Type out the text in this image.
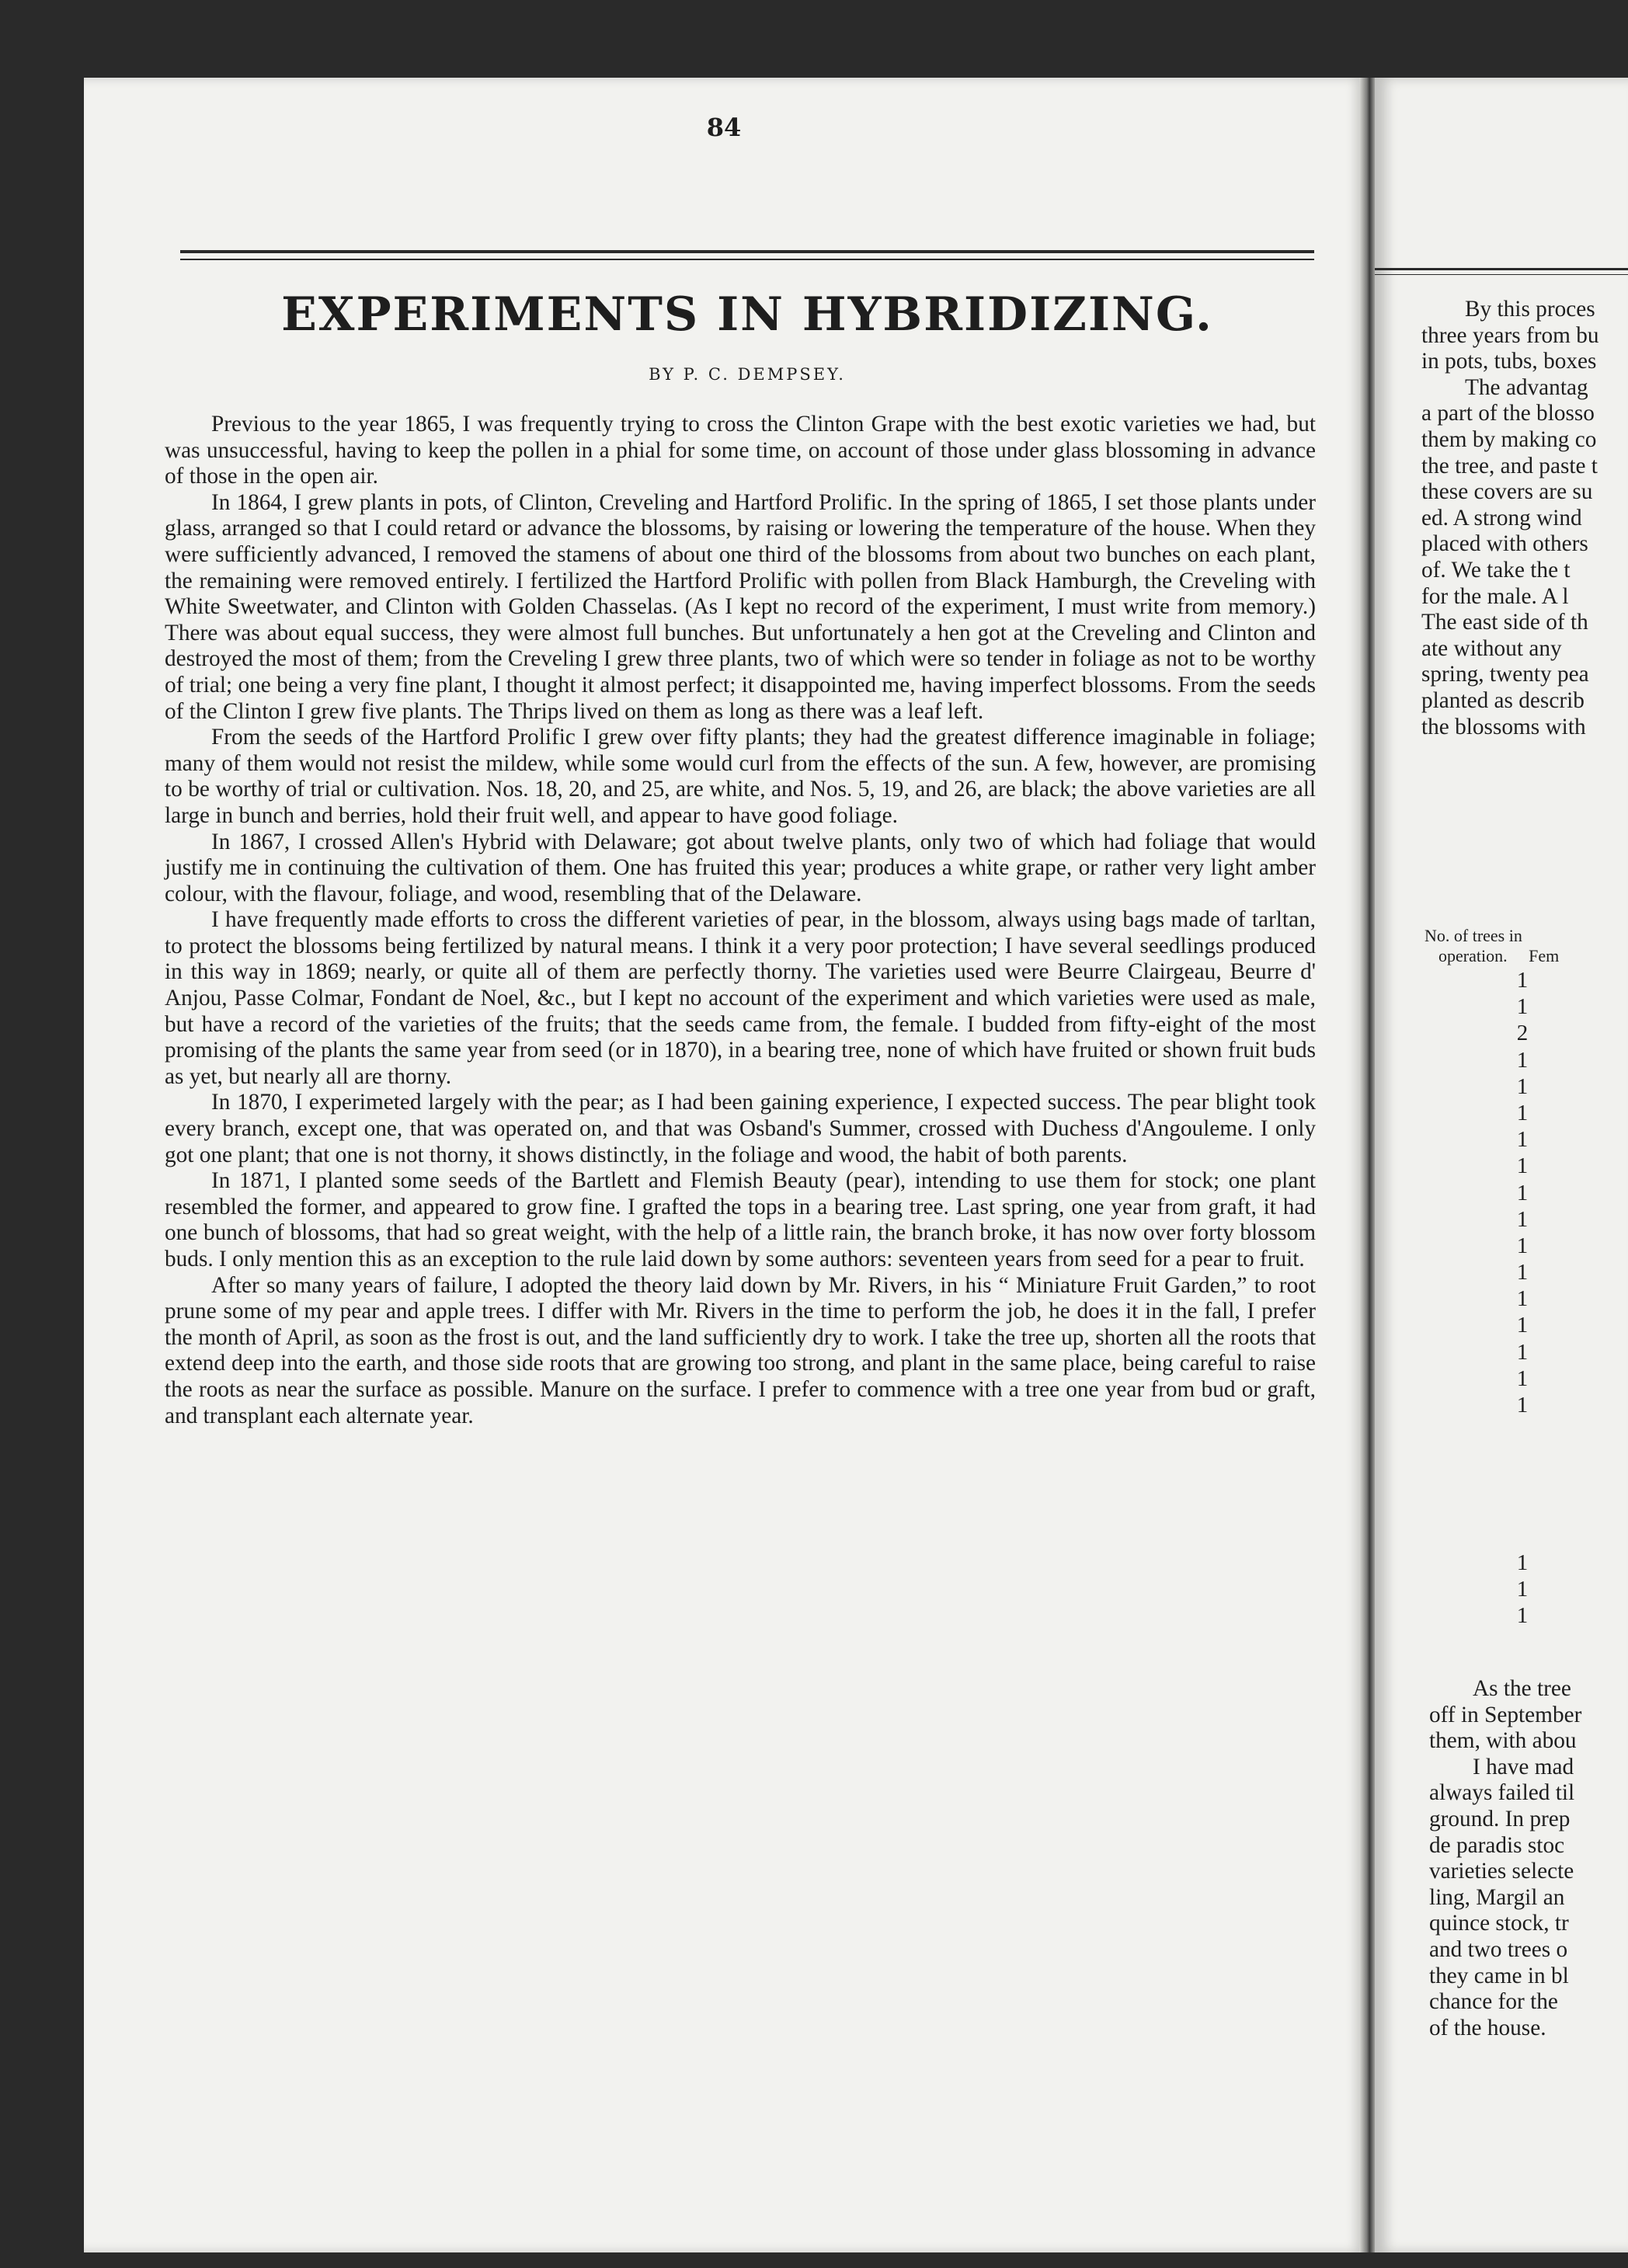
84
EXPERIMENTS IN HYBRIDIZING.
BY P. C. DEMPSEY.

Previous to the year 1865, I was frequently trying to cross the Clinton Grape with the best exotic varieties we had, but was unsuccessful, having to keep the pollen in a phial for some time, on account of those under glass blossoming in advance of those in the open air.

In 1864, I grew plants in pots, of Clinton, Creveling and Hartford Prolific. In the spring of 1865, I set those plants under glass, arranged so that I could retard or advance the blossoms, by raising or lowering the temperature of the house. When they were sufficiently advanced, I removed the stamens of about one third of the blossoms from about two bunches on each plant, the remaining were removed entirely. I fertilized the Hartford Prolific with pollen from Black Hamburgh, the Creveling with White Sweetwater, and Clinton with Golden Chasselas. (As I kept no record of the experiment, I must write from memory.) There was about equal success, they were almost full bunches. But unfortunately a hen got at the Creveling and Clinton and destroyed the most of them; from the Creveling I grew three plants, two of which were so tender in foliage as not to be worthy of trial; one being a very fine plant, I thought it almost perfect; it disappointed me, having imperfect blossoms. From the seeds of the Clinton I grew five plants. The Thrips lived on them as long as there was a leaf left.

From the seeds of the Hartford Prolific I grew over fifty plants; they had the greatest difference imaginable in foliage; many of them would not resist the mildew, while some would curl from the effects of the sun. A few, however, are promising to be worthy of trial or cultivation. Nos. 18, 20, and 25, are white, and Nos. 5, 19, and 26, are black; the above varieties are all large in bunch and berries, hold their fruit well, and appear to have good foliage.

In 1867, I crossed Allen's Hybrid with Delaware; got about twelve plants, only two of which had foliage that would justify me in continuing the cultivation of them. One has fruited this year; produces a white grape, or rather very light amber colour, with the flavour, foliage, and wood, resembling that of the Delaware.

I have frequently made efforts to cross the different varieties of pear, in the blossom, always using bags made of tarltan, to protect the blossoms being fertilized by natural means. I think it a very poor protection; I have several seedlings produced in this way in 1869; nearly, or quite all of them are perfectly thorny. The varieties used were Beurre Clairgeau, Beurre d' Anjou, Passe Colmar, Fondant de Noel, &c., but I kept no account of the experiment and which varieties were used as male, but have a record of the varieties of the fruits; that the seeds came from, the female. I budded from fifty-eight of the most promising of the plants the same year from seed (or in 1870), in a bearing tree, none of which have fruited or shown fruit buds as yet, but nearly all are thorny.

In 1870, I experimeted largely with the pear; as I had been gaining experience, I expected success. The pear blight took every branch, except one, that was operated on, and that was Osband's Summer, crossed with Duchess d'Angouleme. I only got one plant; that one is not thorny, it shows distinctly, in the foliage and wood, the habit of both parents.

In 1871, I planted some seeds of the Bartlett and Flemish Beauty (pear), intending to use them for stock; one plant resembled the former, and appeared to grow fine. I grafted the tops in a bearing tree. Last spring, one year from graft, it had one bunch of blossoms, that had so great weight, with the help of a little rain, the branch broke, it has now over forty blossom buds. I only mention this as an exception to the rule laid down by some authors: seventeen years from seed for a pear to fruit.

After so many years of failure, I adopted the theory laid down by Mr. Rivers, in his “ Miniature Fruit Garden,” to root prune some of my pear and apple trees. I differ with Mr. Rivers in the time to perform the job, he does it in the fall, I prefer the month of April, as soon as the frost is out, and the land sufficiently dry to work. I take the tree up, shorten all the roots that extend deep into the earth, and those side roots that are growing too strong, and plant in the same place, being careful to raise the roots as near the surface as possible. Manure on the surface. I prefer to commence with a tree one year from bud or graft, and transplant each alternate year.

By this proces
three years from bu
in pots, tubs, boxes
The advantag
a part of the blosso
them by making co
the tree, and paste t
these covers are su
ed. A strong wind
placed with others
of. We take the t
for the male. A l
The east side of th
ate without any
spring, twenty pea
planted as describ
the blossoms with
No. of trees in
operation. Fem
1
1
2
1
1
1
1
1
1
1
1
1
1
1
1
1
1
1
1
1
As the tree
off in September
them, with abou
I have mad
always failed til
ground. In prep
de paradis stoc
varieties selecte
ling, Margil an
quince stock, tr
and two trees o
they came in bl
chance for the
of the house.
